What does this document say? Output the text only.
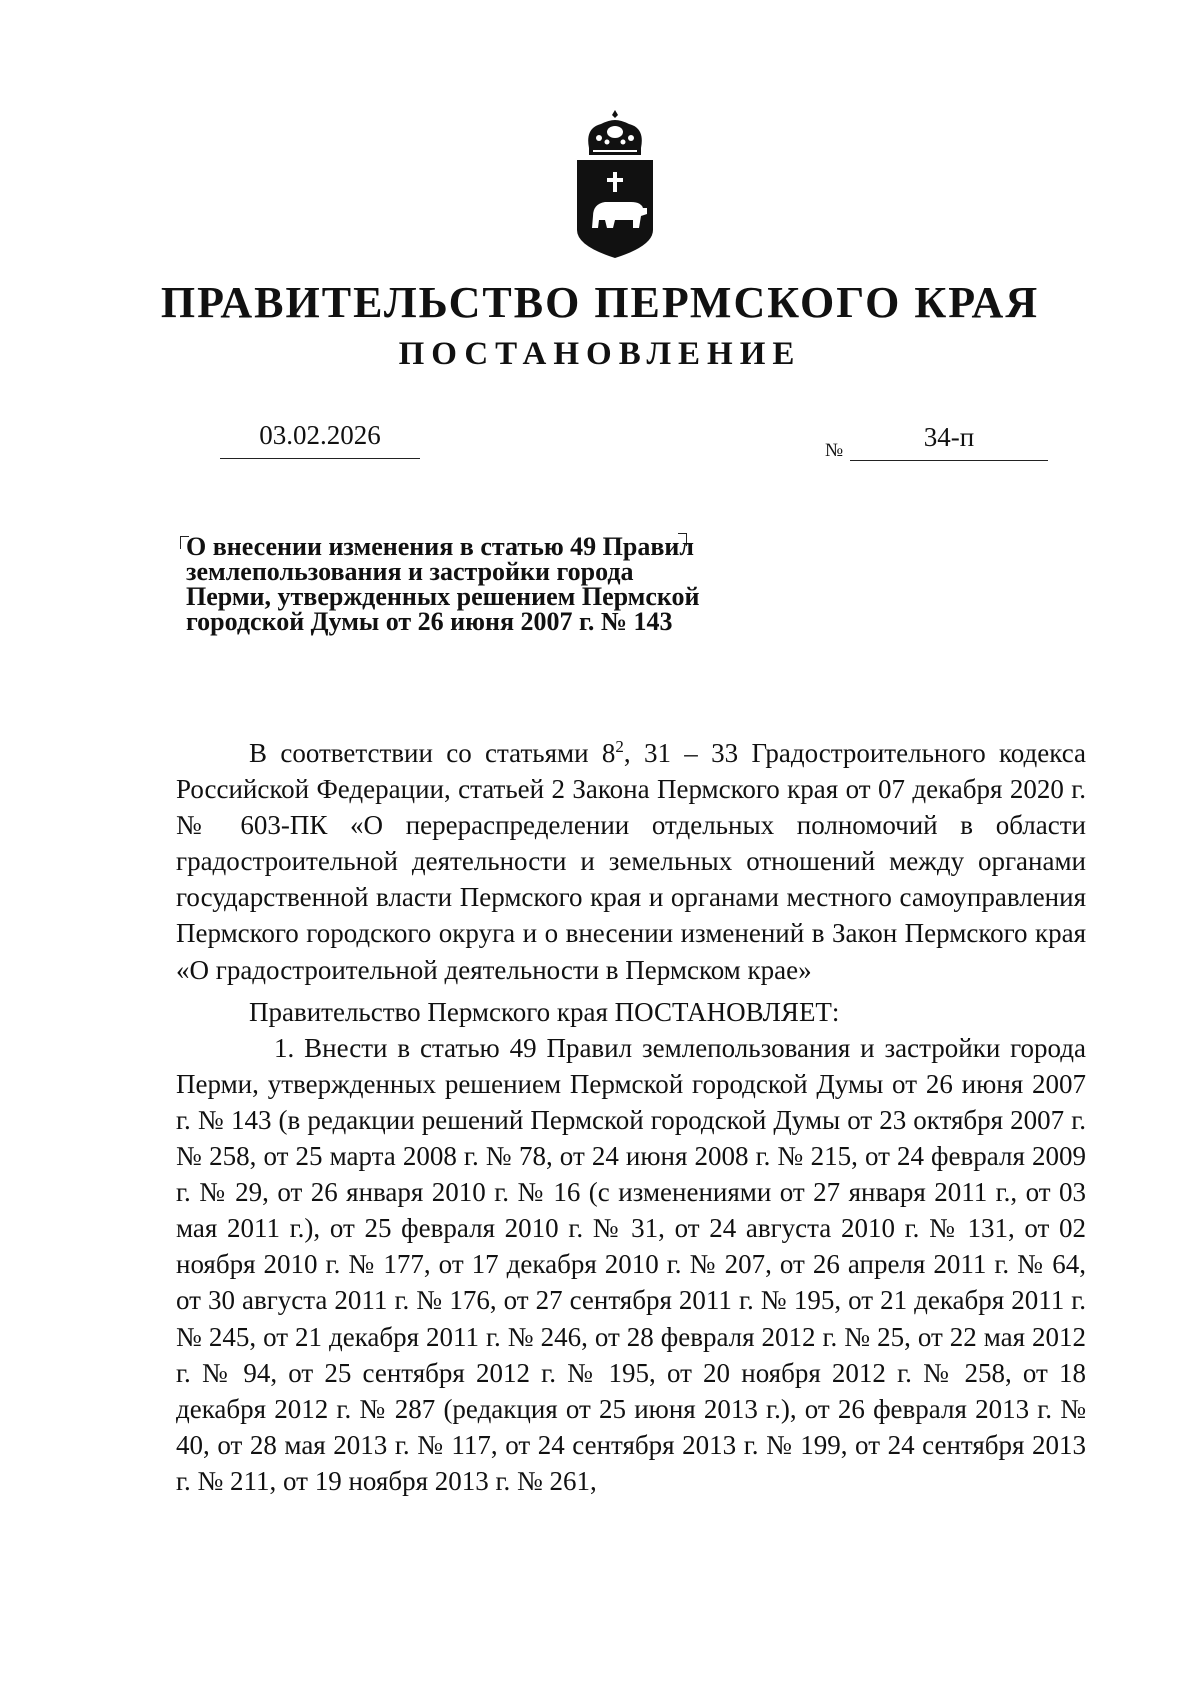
ПРАВИТЕЛЬСТВО ПЕРМСКОГО КРАЯ
ПОСТАНОВЛЕНИЕ
03.02.2026
№	34-п
О внесении изменения в статью 49 Правил землепользования и застройки города Перми, утвержденных решением Пермской городской Думы от 26 июня 2007 г. № 143

В соответствии со статьями $8^2$, 31 – 33 Градостроительного кодекса Российской Федерации, статьей 2 Закона Пермского края от 07 декабря 2020 г. № 603-ПК «О перераспределении отдельных полномочий в области градостроительной деятельности и земельных отношений между органами государственной власти Пермского края и органами местного самоуправления Пермского городского округа и о внесении изменений в Закон Пермского края «О градостроительной деятельности в Пермском крае»

Правительство Пермского края ПОСТАНОВЛЯЕТ:

1. Внести в статью 49 Правил землепользования и застройки города Перми, утвержденных решением Пермской городской Думы от 26 июня 2007 г. № 143 (в редакции решений Пермской городской Думы от 23 октября 2007 г. № 258, от 25 марта 2008 г. № 78, от 24 июня 2008 г. № 215, от 24 февраля 2009 г. № 29, от 26 января 2010 г. № 16 (с изменениями от 27 января 2011 г., от 03 мая 2011 г.), от 25 февраля 2010 г. № 31, от 24 августа 2010 г. № 131, от 02 ноября 2010 г. № 177, от 17 декабря 2010 г. № 207, от 26 апреля 2011 г. № 64, от 30 августа 2011 г. № 176, от 27 сентября 2011 г. № 195, от 21 декабря 2011 г. № 245, от 21 декабря 2011 г. № 246, от 28 февраля 2012 г. № 25, от 22 мая 2012 г. № 94, от 25 сентября 2012 г. № 195, от 20 ноября 2012 г. № 258, от 18 декабря 2012 г. № 287 (редакция от 25 июня 2013 г.), от 26 февраля 2013 г. № 40, от 28 мая 2013 г. № 117, от 24 сентября 2013 г. № 199, от 24 сентября 2013 г. № 211, от 19 ноября 2013 г. № 261,
